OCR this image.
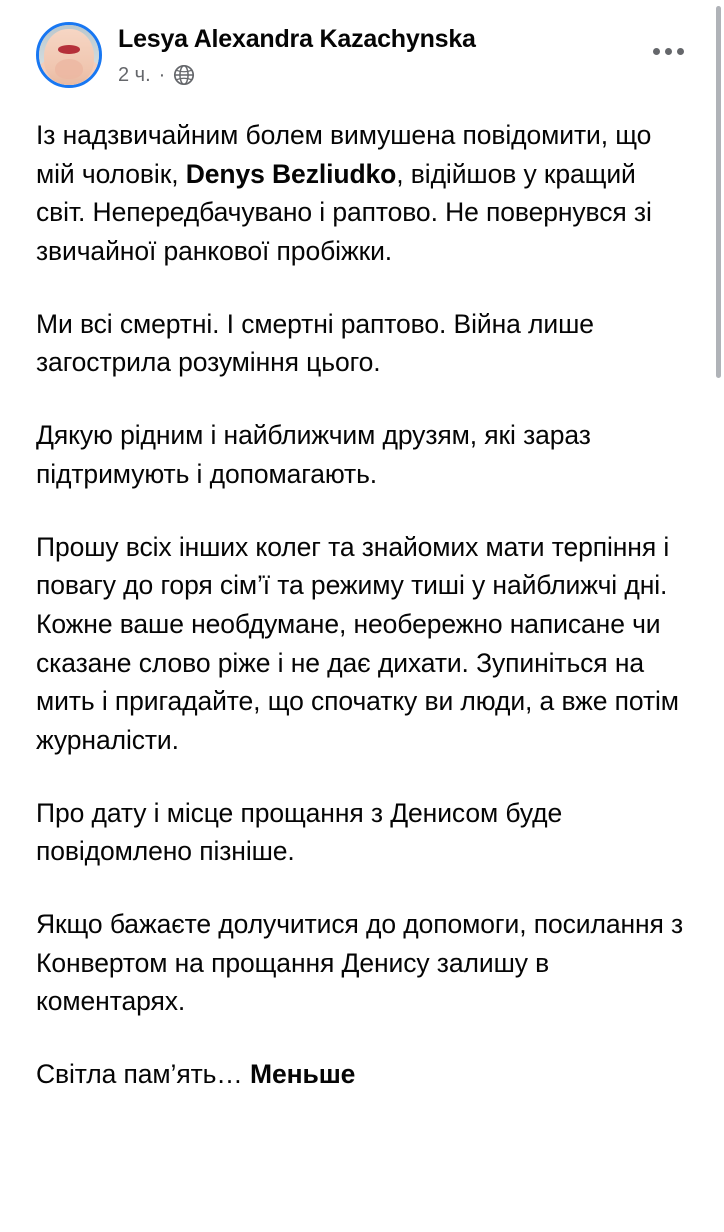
Lesya Alexandra Kazachynska
2 ч. ·

Із надзвичайним болем вимушена повідомити, що мій чоловік, Denys Bezliudko, відійшов у кращий світ. Непередбачувано і раптово. Не повернувся зі звичайної ранкової пробіжки.

Ми всі смертні. І смертні раптово. Війна лише загострила розуміння цього.

Дякую рідним і найближчим друзям, які зараз підтримують і допомагають.

Прошу всіх інших колег та знайомих мати терпіння і повагу до горя сім’ї та режиму тиші у найближчі дні. Кожне ваше необдумане, необережно написане чи сказане слово ріже і не дає дихати. Зупиніться на мить і пригадайте, що спочатку ви люди, а вже потім журналісти.

Про дату і місце прощання з Денисом буде повідомлено пізніше.

Якщо бажаєте долучитися до допомоги, посилання з Конвертом на прощання Денису залишу в коментарях.

Світла пам’ять… Меньше
